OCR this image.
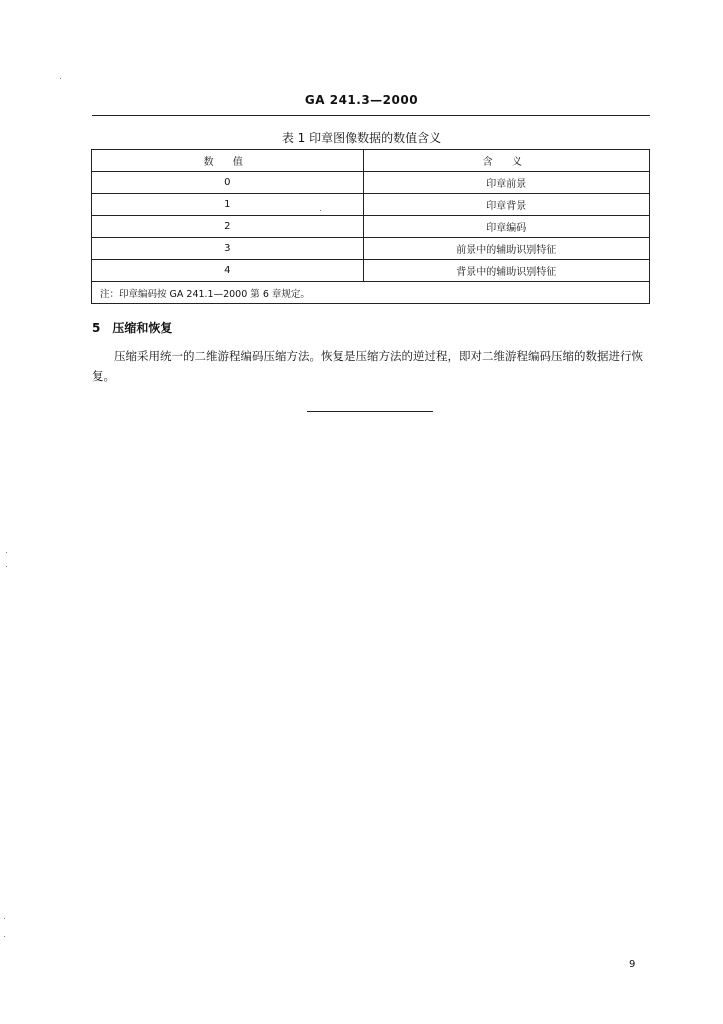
GA 241.3—2000
表 1 印章图像数据的数值含义
数 值	含 义
0	印章前景
1	印章背景
2	印章编码
3	前景中的辅助识别特征
4	背景中的辅助识别特征
注：印章编码按 GA 241.1—2000 第 6 章规定。	
5 压缩和恢复

压缩采用统一的二维游程编码压缩方法。恢复是压缩方法的逆过程，即对二维游程编码压缩的数据进行恢复。

9
